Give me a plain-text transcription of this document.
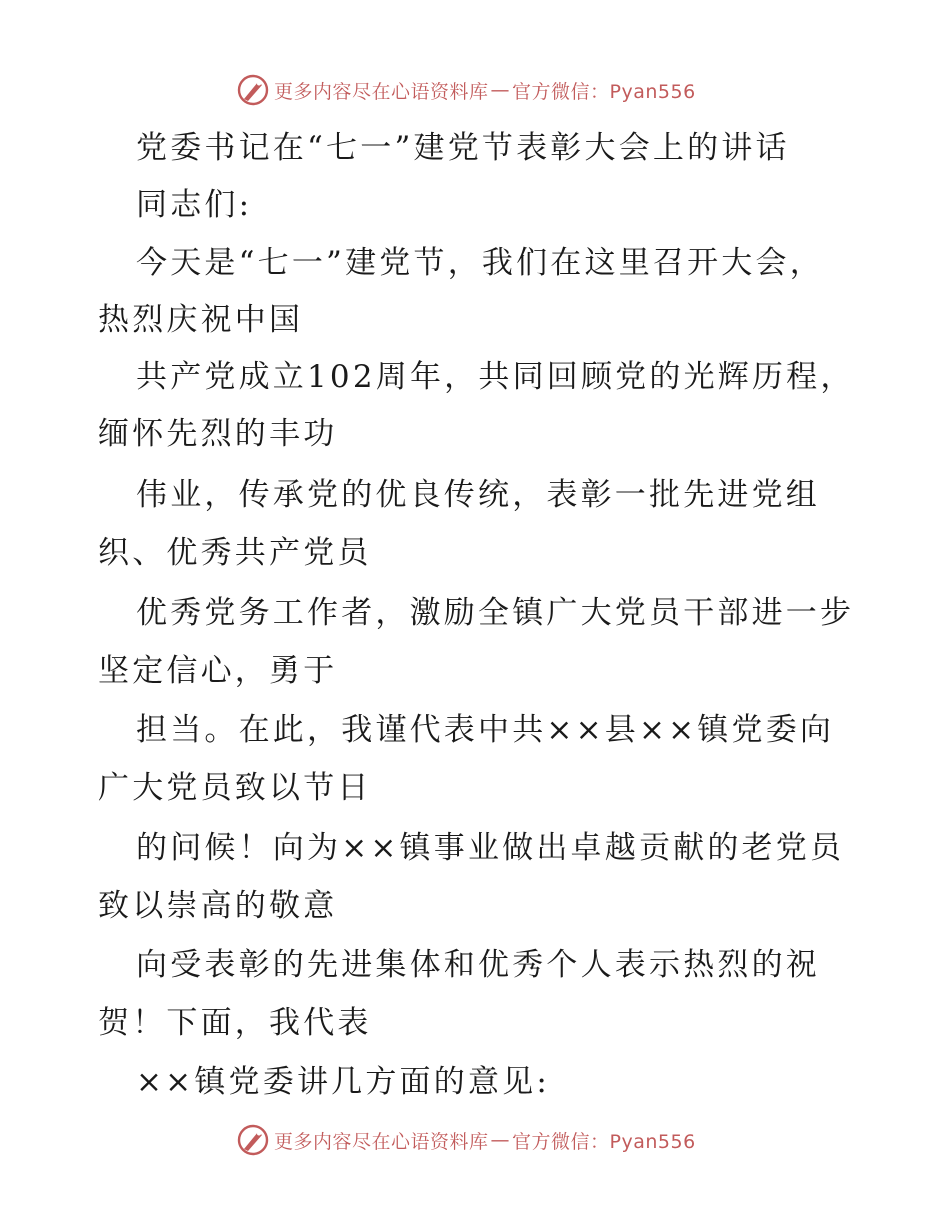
更多内容尽在心语资料库 — 官方微信：Pyan556
党委书记在“七一”建党节表彰大会上的讲话
同志们:
今天是“七一”建党节，我们在这里召开大会，
热烈庆祝中国
共产党成立102周年，共同回顾党的光辉历程，
缅怀先烈的丰功
伟业，传承党的优良传统，表彰一批先进党组
织、优秀共产党员
优秀党务工作者，激励全镇广大党员干部进一步
坚定信心，勇于
担当。在此，我谨代表中共××县××镇党委向
广大党员致以节日
的问候！向为××镇事业做出卓越贡献的老党员
致以崇高的敬意
向受表彰的先进集体和优秀个人表示热烈的祝
贺！下面，我代表
××镇党委讲几方面的意见:
更多内容尽在心语资料库 — 官方微信：Pyan556
